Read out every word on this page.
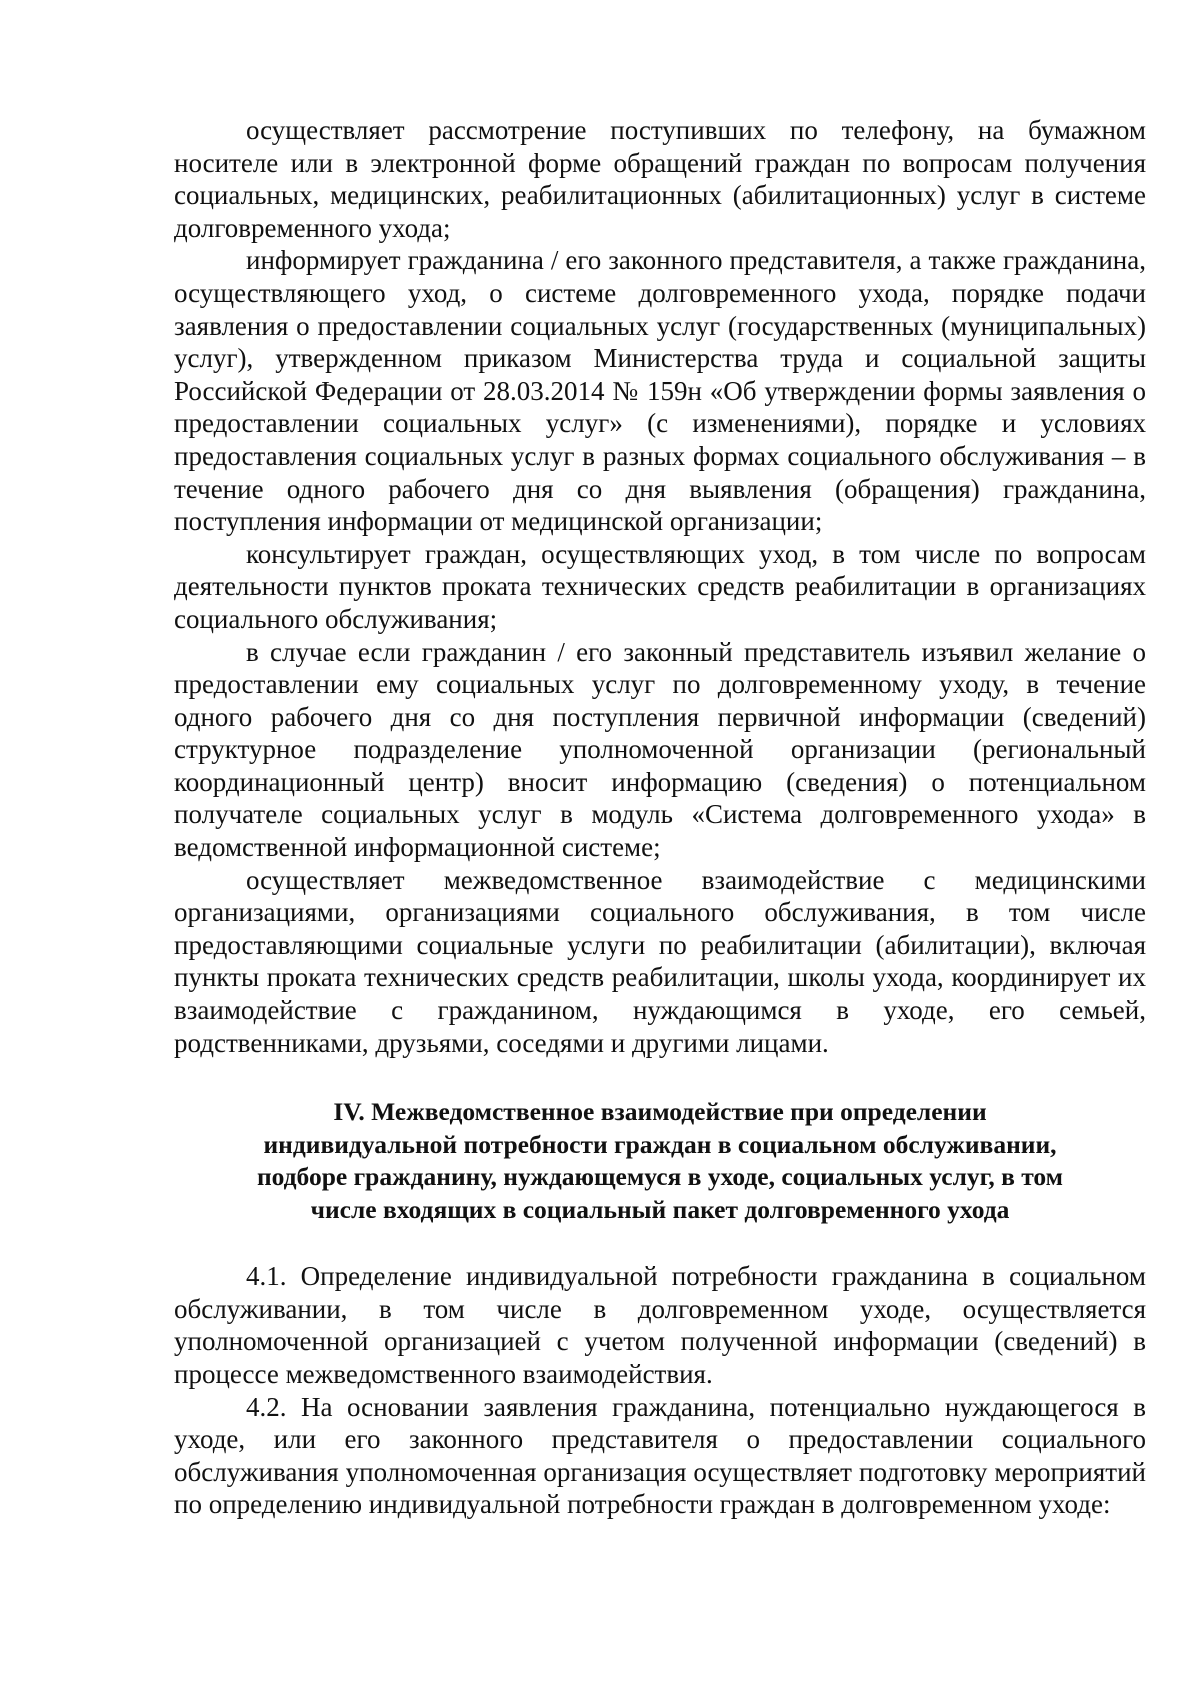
осуществляет рассмотрение поступивших по телефону, на бумажном носителе или в электронной форме обращений граждан по вопросам получения социальных, медицинских, реабилитационных (абилитационных) услуг в системе долговременного ухода;

информирует гражданина / его законного представителя, а также гражданина, осуществляющего уход, о системе долговременного ухода, порядке подачи заявления о предоставлении социальных услуг (государственных (муниципальных) услуг), утвержденном приказом Министерства труда и социальной защиты Российской Федерации от 28.03.2014 № 159н «Об утверждении формы заявления о предоставлении социальных услуг» (с изменениями), порядке и условиях предоставления социальных услуг в разных формах социального обслуживания – в течение одного рабочего дня со дня выявления (обращения) гражданина, поступления информации от медицинской организации;

консультирует граждан, осуществляющих уход, в том числе по вопросам деятельности пунктов проката технических средств реабилитации в организациях социального обслуживания;

в случае если гражданин / его законный представитель изъявил желание о предоставлении ему социальных услуг по долговременному уходу, в течение одного рабочего дня со дня поступления первичной информации (сведений) структурное подразделение уполномоченной организации (региональный координационный центр) вносит информацию (сведения) о потенциальном получателе социальных услуг в модуль «Система долговременного ухода» в ведомственной информационной системе;

осуществляет межведомственное взаимодействие с медицинскими организациями, организациями социального обслуживания, в том числе предоставляющими социальные услуги по реабилитации (абилитации), включая пункты проката технических средств реабилитации, школы ухода, координирует их взаимодействие с гражданином, нуждающимся в уходе, его семьей, родственниками, друзьями, соседями и другими лицами.

IV. Межведомственное взаимодействие при определении
индивидуальной потребности граждан в социальном обслуживании,
подборе гражданину, нуждающемуся в уходе, социальных услуг, в том
числе входящих в социальный пакет долговременного ухода

4.1. Определение индивидуальной потребности гражданина в социальном обслуживании, в том числе в долговременном уходе, осуществляется уполномоченной организацией с учетом полученной информации (сведений) в процессе межведомственного взаимодействия.

4.2. На основании заявления гражданина, потенциально нуждающегося в уходе, или его законного представителя о предоставлении социального обслуживания уполномоченная организация осуществляет подготовку мероприятий по определению индивидуальной потребности граждан в долговременном уходе:
